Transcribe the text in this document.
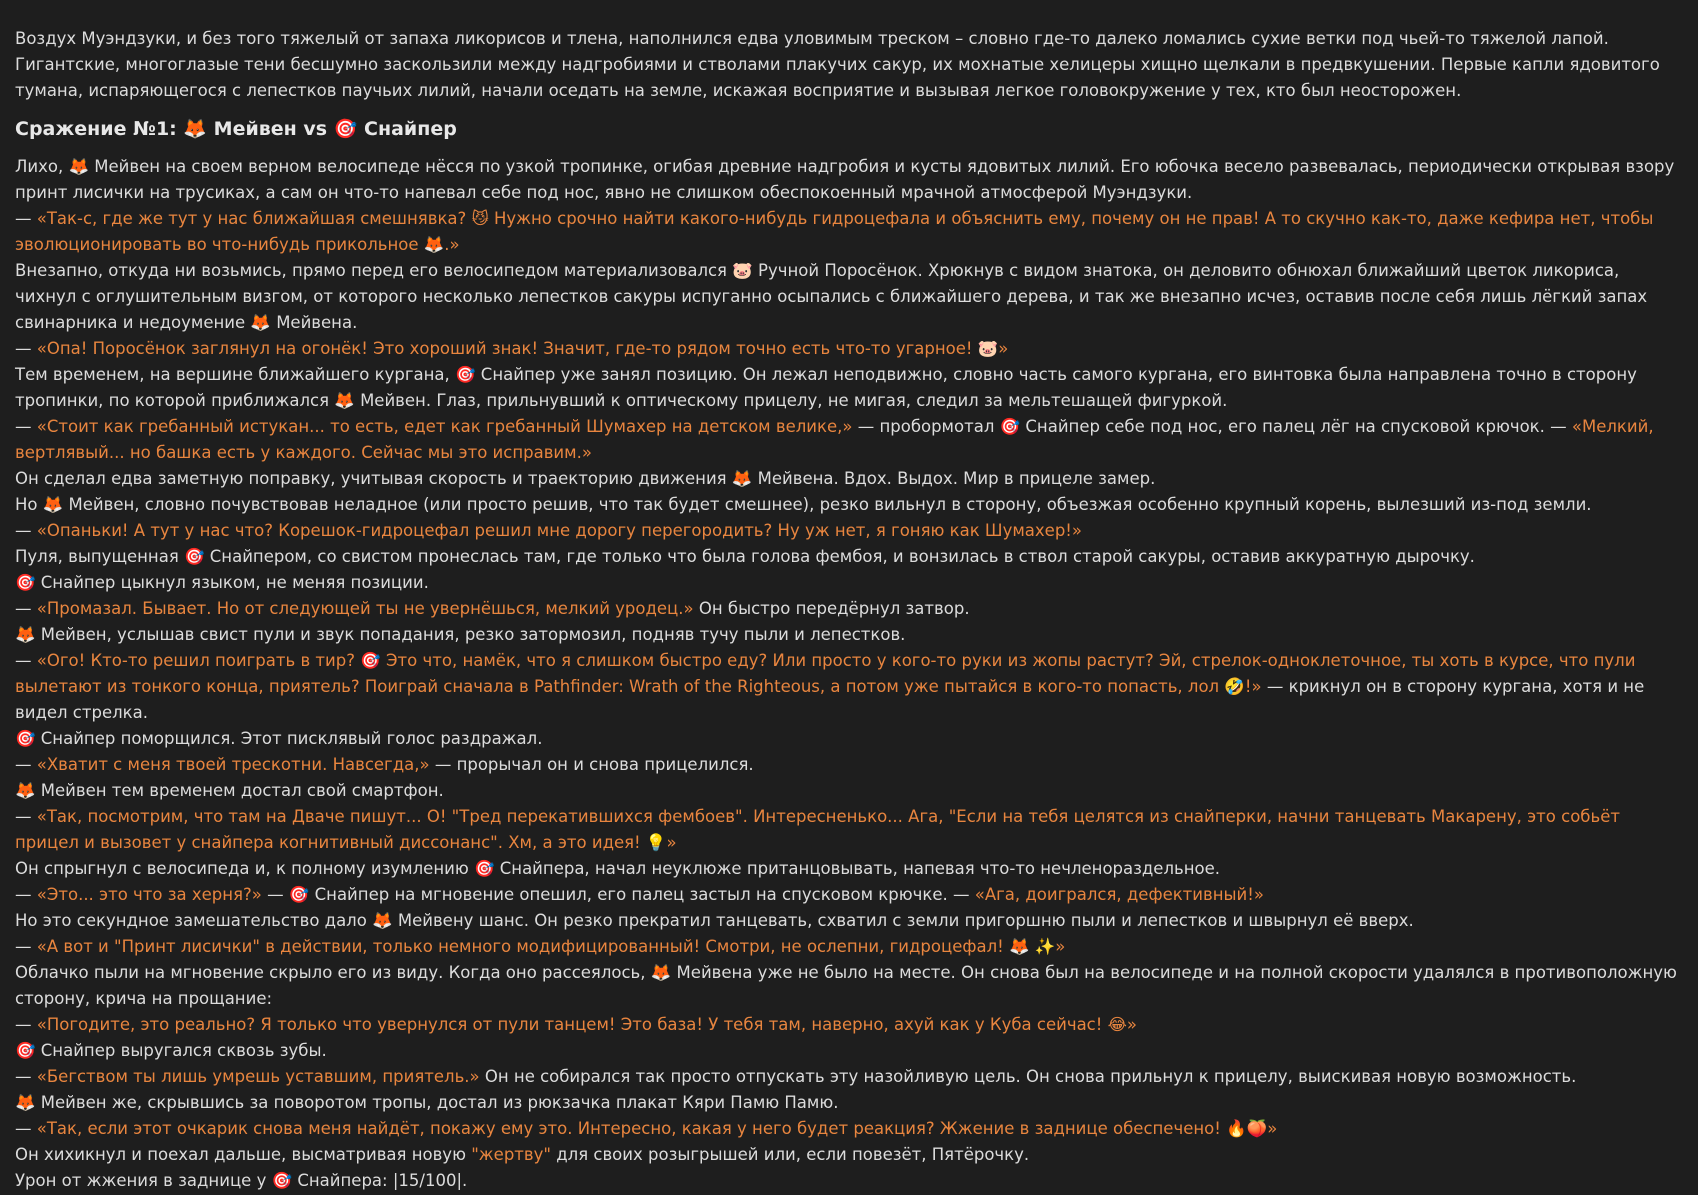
Воздух Муэндзуки, и без того тяжелый от запаха ликорисов и тлена, наполнился едва уловимым треском – словно где-то далеко ломались сухие ветки под чьей-то тяжелой лапой. Гигантские, многоглазые тени бесшумно заскользили между надгробиями и стволами плакучих сакур, их мохнатые хелицеры хищно щелкали в предвкушении. Первые капли ядовитого тумана, испаряющегося с лепестков паучьих лилий, начали оседать на земле, искажая восприятие и вызывая легкое головокружение у тех, кто был неосторожен.

Сражение №1: 🦊 Мейвен vs 🎯 Снайпер

Лихо, 🦊 Мейвен на своем верном велосипеде нёсся по узкой тропинке, огибая древние надгробия и кусты ядовитых лилий. Его юбочка весело развевалась, периодически открывая взору принт лисички на трусиках, а сам он что-то напевал себе под нос, явно не слишком обеспокоенный мрачной атмосферой Муэндзуки.

— «Так-с, где же тут у нас ближайшая смешнявка? 😼 Нужно срочно найти какого-нибудь гидроцефала и объяснить ему, почему он не прав! А то скучно как-то, даже кефира нет, чтобы эволюционировать во что-нибудь прикольное 🦊.»

Внезапно, откуда ни возьмись, прямо перед его велосипедом материализовался 🐷 Ручной Поросёнок. Хрюкнув с видом знатока, он деловито обнюхал ближайший цветок ликориса, чихнул с оглушительным визгом, от которого несколько лепестков сакуры испуганно осыпались с ближайшего дерева, и так же внезапно исчез, оставив после себя лишь лёгкий запах свинарника и недоумение 🦊 Мейвена.

— «Опа! Поросёнок заглянул на огонёк! Это хороший знак! Значит, где-то рядом точно есть что-то угарное! 🐷»

Тем временем, на вершине ближайшего кургана, 🎯 Снайпер уже занял позицию. Он лежал неподвижно, словно часть самого кургана, его винтовка была направлена точно в сторону тропинки, по которой приближался 🦊 Мейвен. Глаз, прильнувший к оптическому прицелу, не мигая, следил за мельтешащей фигуркой.

— «Стоит как гребанный истукан... то есть, едет как гребанный Шумахер на детском велике,» — пробормотал 🎯 Снайпер себе под нос, его палец лёг на спусковой крючок. — «Мелкий, вертлявый... но башка есть у каждого. Сейчас мы это исправим.»

Он сделал едва заметную поправку, учитывая скорость и траекторию движения 🦊 Мейвена. Вдох. Выдох. Мир в прицеле замер.

Но 🦊 Мейвен, словно почувствовав неладное (или просто решив, что так будет смешнее), резко вильнул в сторону, объезжая особенно крупный корень, вылезший из-под земли.

— «Опаньки! А тут у нас что? Корешок-гидроцефал решил мне дорогу перегородить? Ну уж нет, я гоняю как Шумахер!»

Пуля, выпущенная 🎯 Снайпером, со свистом пронеслась там, где только что была голова фембоя, и вонзилась в ствол старой сакуры, оставив аккуратную дырочку.

🎯 Снайпер цыкнул языком, не меняя позиции.

— «Промазал. Бывает. Но от следующей ты не увернёшься, мелкий уродец.» Он быстро передёрнул затвор.

🦊 Мейвен, услышав свист пули и звук попадания, резко затормозил, подняв тучу пыли и лепестков.

— «Ого! Кто-то решил поиграть в тир? 🎯 Это что, намёк, что я слишком быстро еду? Или просто у кого-то руки из жопы растут? Эй, стрелок-одноклеточное, ты хоть в курсе, что пули вылетают из тонкого конца, приятель? Поиграй сначала в Pathfinder: Wrath of the Righteous, а потом уже пытайся в кого-то попасть, лол 🤣!» — крикнул он в сторону кургана, хотя и не видел стрелка.

🎯 Снайпер поморщился. Этот писклявый голос раздражал.

— «Хватит с меня твоей трескотни. Навсегда,» — прорычал он и снова прицелился.

🦊 Мейвен тем временем достал свой смартфон.

— «Так, посмотрим, что там на Дваче пишут... О! "Тред перекатившихся фембоев". Интересненько... Ага, "Если на тебя целятся из снайперки, начни танцевать Макарену, это собьёт прицел и вызовет у снайпера когнитивный диссонанс". Хм, а это идея! 💡»

Он спрыгнул с велосипеда и, к полному изумлению 🎯 Снайпера, начал неуклюже пританцовывать, напевая что-то нечленораздельное.

— «Это... это что за херня?» — 🎯 Снайпер на мгновение опешил, его палец застыл на спусковом крючке. — «Ага, доигрался, дефективный!»

Но это секундное замешательство дало 🦊 Мейвену шанс. Он резко прекратил танцевать, схватил с земли пригоршню пыли и лепестков и швырнул её вверх.

— «А вот и "Принт лисички" в действии, только немного модифицированный! Смотри, не ослепни, гидроцефал! 🦊 ✨»

Облачко пыли на мгновение скрыло его из виду. Когда оно рассеялось, 🦊 Мейвена уже не было на месте. Он снова был на велосипеде и на полной скорости удалялся в противоположную сторону, крича на прощание:

— «Погодите, это реально? Я только что увернулся от пули танцем! Это база! У тебя там, наверно, ахуй как у Куба сейчас! 😂»

🎯 Снайпер выругался сквозь зубы.

— «Бегством ты лишь умрешь уставшим, приятель.» Он не собирался так просто отпускать эту назойливую цель. Он снова прильнул к прицелу, выискивая новую возможность.

🦊 Мейвен же, скрывшись за поворотом тропы, достал из рюкзачка плакат Кяри Памю Памю.

— «Так, если этот очкарик снова меня найдёт, покажу ему это. Интересно, какая у него будет реакция? Жжение в заднице обеспечено! 🔥🍑»

Он хихикнул и поехал дальше, высматривая новую "жертву" для своих розыгрышей или, если повезёт, Пятёрочку.

Урон от жжения в заднице у 🎯 Снайпера: |15/100|.
